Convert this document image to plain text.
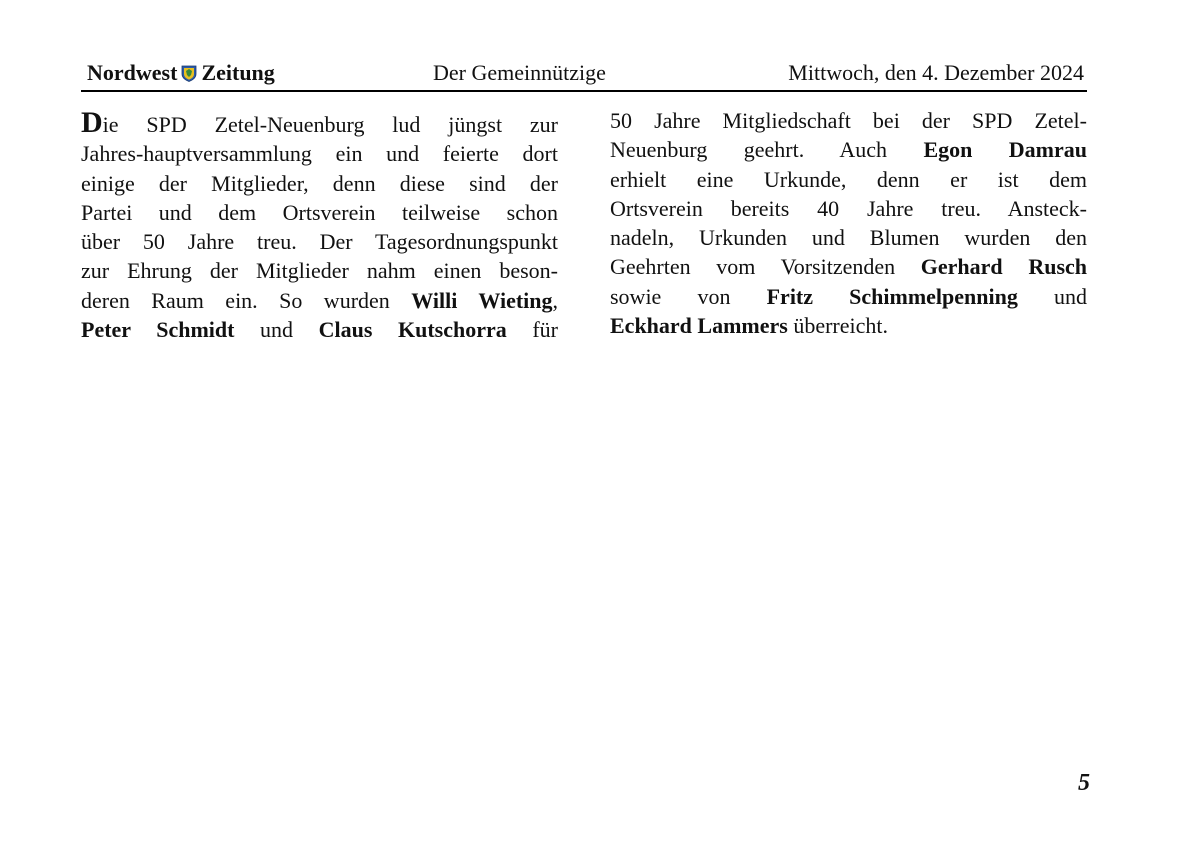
Nordwest Zeitung	Der Gemeinnützige	Mittwoch, den 4. Dezember 2024
Die SPD Zetel-Neuenburg lud jüngst zur
Jahres-hauptversammlung ein und feierte dort
einige der Mitglieder, denn diese sind der
Partei und dem Ortsverein teilweise schon
über 50 Jahre treu. Der Tagesordnungspunkt
zur Ehrung der Mitglieder nahm einen beson-
deren Raum ein. So wurden Willi Wieting,
Peter Schmidt und Claus Kutschorra für
50 Jahre Mitgliedschaft bei der SPD Zetel-
Neuenburg geehrt. Auch Egon Damrau
erhielt eine Urkunde, denn er ist dem
Ortsverein bereits 40 Jahre treu. Ansteck-
nadeln, Urkunden und Blumen wurden den
Geehrten vom Vorsitzenden Gerhard Rusch
sowie von Fritz Schimmelpenning und
Eckhard Lammers überreicht.
5
